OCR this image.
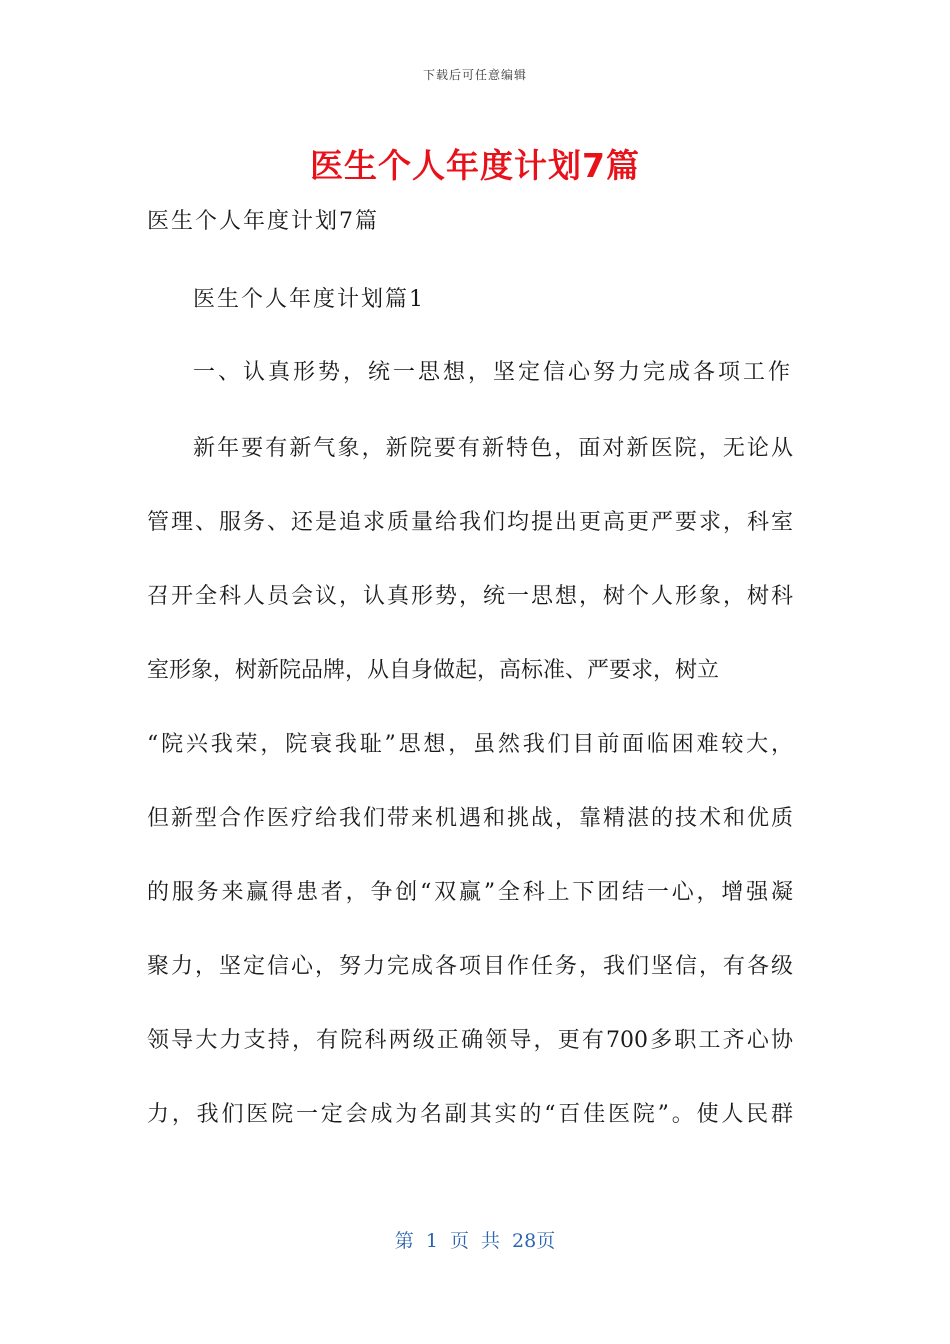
下载后可任意编辑
医生个人年度计划7篇
医生个人年度计划7篇
医生个人年度计划篇1
一、认真形势，统一思想，坚定信心努力完成各项工作
新年要有新气象，新院要有新特色，面对新医院，无论从
管理、服务、还是追求质量给我们均提出更高更严要求，科室
召开全科人员会议，认真形势，统一思想，树个人形象，树科
室形象，树新院品牌，从自身做起，高标准、严要求，树立
“院兴我荣，院衰我耻”思想，虽然我们目前面临困难较大，
但新型合作医疗给我们带来机遇和挑战，靠精湛的技术和优质
的服务来赢得患者，争创“双赢”全科上下团结一心，增强凝
聚力，坚定信心，努力完成各项目作任务，我们坚信，有各级
领导大力支持，有院科两级正确领导，更有700多职工齐心协
力，我们医院一定会成为名副其实的“百佳医院”。使人民群
第 1 页 共 28页
